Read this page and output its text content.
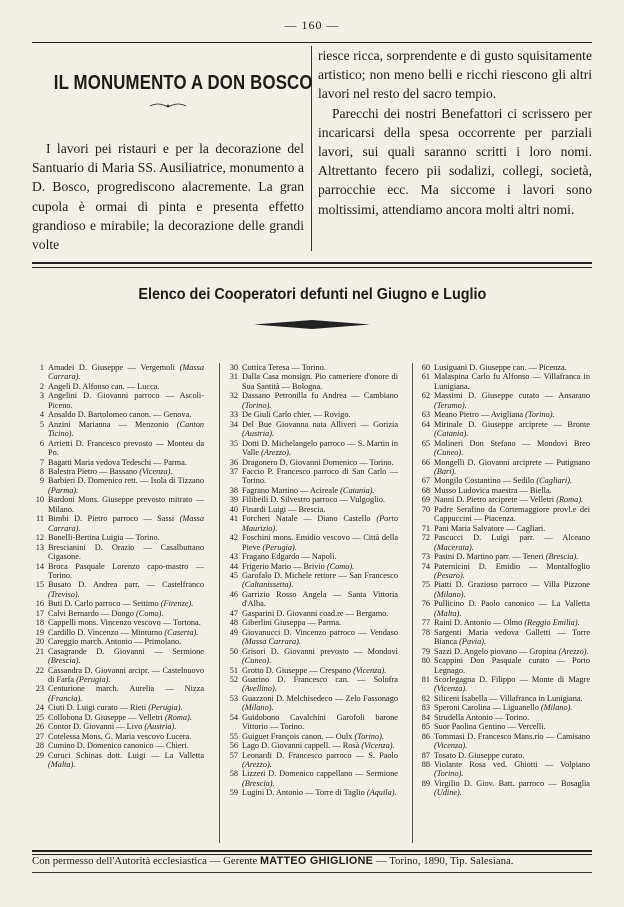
— 160 —
IL MONUMENTO A DON BOSCO

I lavori pei ristauri e per la decorazione del Santuario di Maria SS. Ausiliatrice, monumento a D. Bosco, progrediscono alacremente. La gran cupola è ormai di pinta e presenta effetto grandioso e mirabile; la decorazione delle grandi volte

riesce ricca, sorprendente e di gusto squisitamente artistico; non meno belli e ricchi riescono gli altri lavori nel resto del sacro tempio.

Parecchi dei nostri Benefattori ci scrissero per incaricarsi della spesa occorrente per parziali lavori, sui quali saranno scritti i loro nomi. Altrettanto fecero pii sodalizi, collegi, società, parrocchie ecc. Ma siccome i lavori sono moltissimi, attendiamo ancora molti altri nomi.

Elenco dei Cooperatori defunti nel Giugno e Luglio

1 Amadei D. Giuseppe — Vergemoli (Massa Carrara).

2 Angeli D. Alfonso can. — Lucca.

3 Angelini D. Giovanni parroco — Ascoli-Piceno.

4 Ansaldo D. Bartolomeo canon. — Genova.

5 Anzini Marianna — Menzonio (Canton Ticino).

6 Arrietti D. Francesco prevosto — Monteu da Po.

7 Bagatti Maria vedova Tedeschi — Parma.

8 Balestra Pietro — Bassano (Vicenza).

9 Barbieri D. Domenico rett. — Isola di Tizzano (Parma).

10 Bardoni Mons. Giuseppe prevosto mitrato — Milano.

11 Bimbi D. Pietro parroco — Sassi (Massa Carrara).

12 Bonelli-Bertina Luigia — Torino.

13 Brescianini D. Orazio — Casalbuttano Cigasone.

14 Broca Pasquale Lorenzo capo-mastro — Torino.

15 Busato D. Andrea parr. — Castelfranco (Treviso).

16 Buti D. Carlo parroco — Settimo (Firenze).

17 Calvi Bernardo — Dongo (Como).

18 Cappelli mons. Vincenzo vescovo — Tortona.

19 Cardillo D. Vincenzo — Minturno (Caserta).

20 Careggio march. Antonio — Primolano.

21 Casagrande D. Giovanni — Sermione (Brescia).

22 Cassandra D. Giovanni arcipr. — Castelnuovo di Farfa (Perugia).

23 Centurione march. Aurelia — Nizza (Francia).

24 Ciuti D. Luigi curato — Rieti (Perugia).

25 Collobona D. Giuseppe — Velletri (Roma).

26 Contor D. Giovanni — Livo (Austria).

27 Cotelessa Mons. G. Maria vescovo Lucera.

28 Cumino D. Domenico canonico — Chieri.

29 Curuci Schinas dott. Luigi — La Valletta (Malta).

30 Cottica Teresa — Torino.

31 Dalla Casa monsign. Pio cameriere d'onore di Sua Santità — Bologna.

32 Dassano Petronilla fu Andrea — Cambiano (Torino).

33 De Giuli Carlo chier. — Rovigo.

34 Del Bue Giovanna nata Alliveri — Gorizia (Austria).

35 Dotti D. Michelangelo parroco — S. Martin in Valle (Arezzo).

36 Dragonero D. Giovanni Domenico — Torino.

37 Faccio P. Francesco parroco di San Carlo — Torino.

38 Fagrano Martino — Acireale (Catania).

39 Filibeili D. Silvestro parroco — Vulgoglio.

40 Finardi Luigi — Brescia.

41 Forcheri Natale — Diano Castello (Porto Maurizio).

42 Foschini mons. Emidio vescovo — Città della Pieve (Perugia).

43 Fragano Edgardo — Napoli.

44 Frigerio Mario — Brivio (Como).

45 Garofalo D. Michele rettore — San Francesco (Caltanissetta).

46 Garrizio Rosso Angela — Santa Vittoria d'Alba.

47 Gasparini D. Giovanni coad.re — Bergamo.

48 Giberlini Giuseppa — Parma.

49 Giovanucci D. Vincenzo parroco — Vendaso (Massa Carrara).

50 Grisori D. Giovanni prevosto — Mondovì (Cuneo).

51 Grotto D. Giuseppe — Crespano (Vicenza).

52 Guarino D. Francesco can. — Solofra (Avellino).

53 Guazzoni D. Melchisedeco — Zelo Fassonago (Milano).

54 Guidobono Cavalchini Garofoli barone Vittorio — Torino.

55 Guiguet François canon. — Oulx (Torino).

56 Lago D. Giovanni cappell. — Rosà (Vicenza).

57 Leonardi D. Francesco parroco — S. Paolo (Arezzo).

58 Lizzeri D. Domenico cappellano — Sermione (Brescia).

59 Lugini D. Antonio — Torre di Taglio (Aquila).

60 Lusiguani D. Giuseppe can. — Picenza.

61 Malaspina Carlo fu Alfonso — Villafranca in Lunigiana.

62 Massimi D. Giuseppe curato — Ansarano (Teramo).

63 Meano Pietro — Avigliana (Torino).

64 Mirinale D. Giuseppe arciprete — Bronte (Catania).

65 Molineri Don Stefano — Mondovì Breo (Cuneo).

66 Mongelli D. Giovanni arciprete — Putignano (Bari).

67 Mongilo Costantino — Sedilo (Cagliari).

68 Musso Ludovica maestra — Biella.

69 Nanni D. Pietro arciprete — Velletri (Roma).

70 Padre Serafino da Cortemaggiore provl.e dei Cappuccini — Piacenza.

71 Pani Maria Salvatore — Cagliari.

72 Pascucci D. Luigi parr. — Alceano (Macerata).

73 Pasini D. Martino parr. — Teneri (Brescia).

74 Paternicini D. Emidio — Montalfoglio (Pesaro).

75 Piatti D. Grazioso parroco — Villa Pizzone (Milano).

76 Pullicino D. Paolo canonico — La Valletta (Malta).

77 Raini D. Antonio — Olmo (Reggio Emilia).

78 Sargenti Maria vedova Galletti — Torre Bianca (Pavia).

79 Sazzi D. Angelo piovano — Gropina (Arezzo).

80 Scappini Don Pasquale curato — Porto Legnago.

81 Scorlegagna D. Filippo — Monte di Magre (Vicenza).

82 Siliceni Isabella — Villafranca in Lunigiana.

83 Speroni Carolina — Liguanello (Milano).

84 Strudella Antonio — Torino.

85 Suor Paolina Gentino — Vercelli.

86 Tommasi D. Francesco Mans.rio — Camisano (Vicenza).

87 Tosato D. Giuseppe curato.

88 Violante Rosa ved. Ghiotti — Volpiano (Torino).

89 Virgilio D. Giov. Batt. parroco — Bosaglia (Udine).

Con permesso dell'Autorità ecclesiastica — Gerente MATTEO GHIGLIONE — Torino, 1890, Tip. Salesiana.
